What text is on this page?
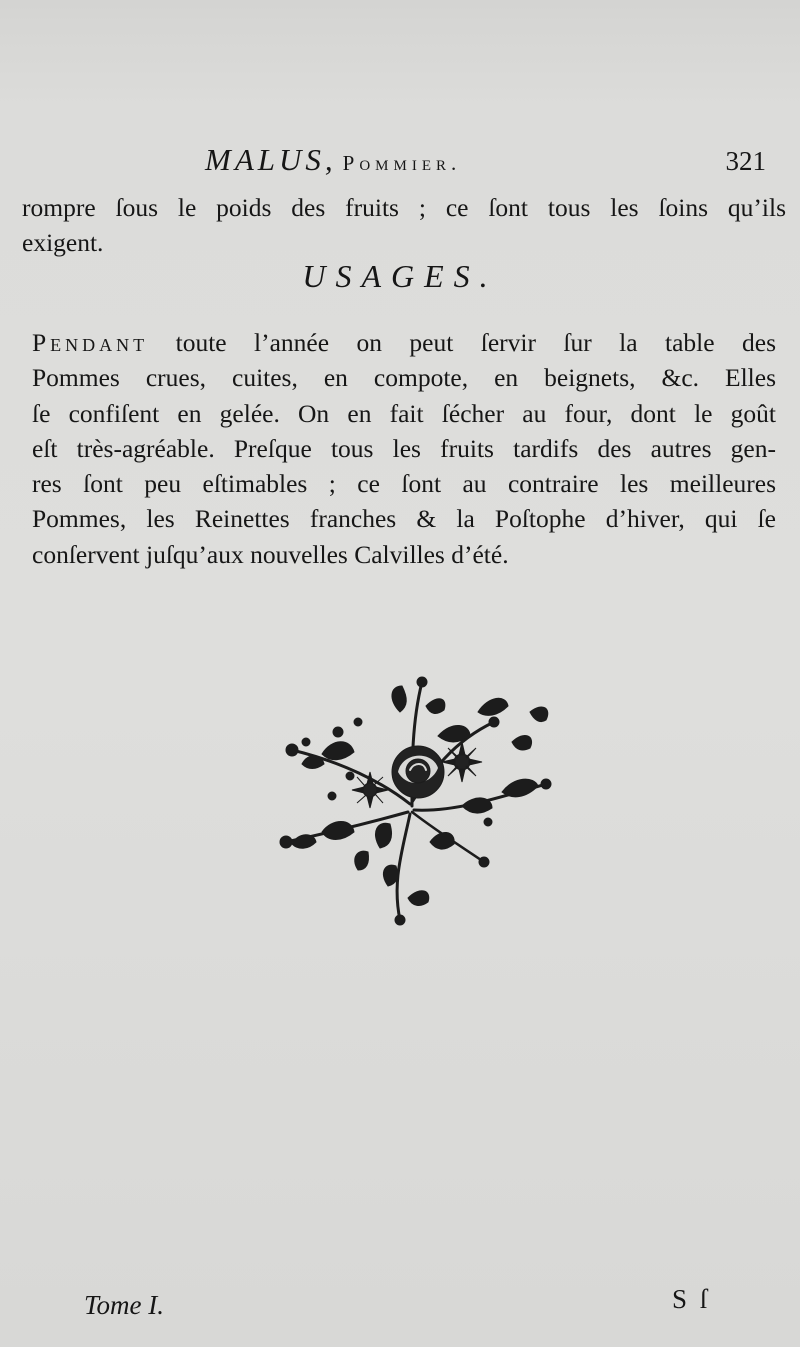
MALUS, Pommier.	321
rompre ſous le poids des fruits ; ce ſont tous les ſoins qu’ils
exigent.
USAGES.
Pendant toute l’année on peut ſervir ſur la table des
Pommes crues, cuites, en compote, en beignets, &c. Elles
ſe confiſent en gelée. On en fait ſécher au four, dont le goût
eſt très-agréable. Preſque tous les fruits tardifs des autres gen-
res ſont peu eſtimables ; ce ſont au contraire les meilleures
Pommes, les Reinettes franches & la Poſtophe d’hiver, qui ſe
conſervent juſqu’aux nouvelles Calvilles d’été.
Tome I.	S ſ
